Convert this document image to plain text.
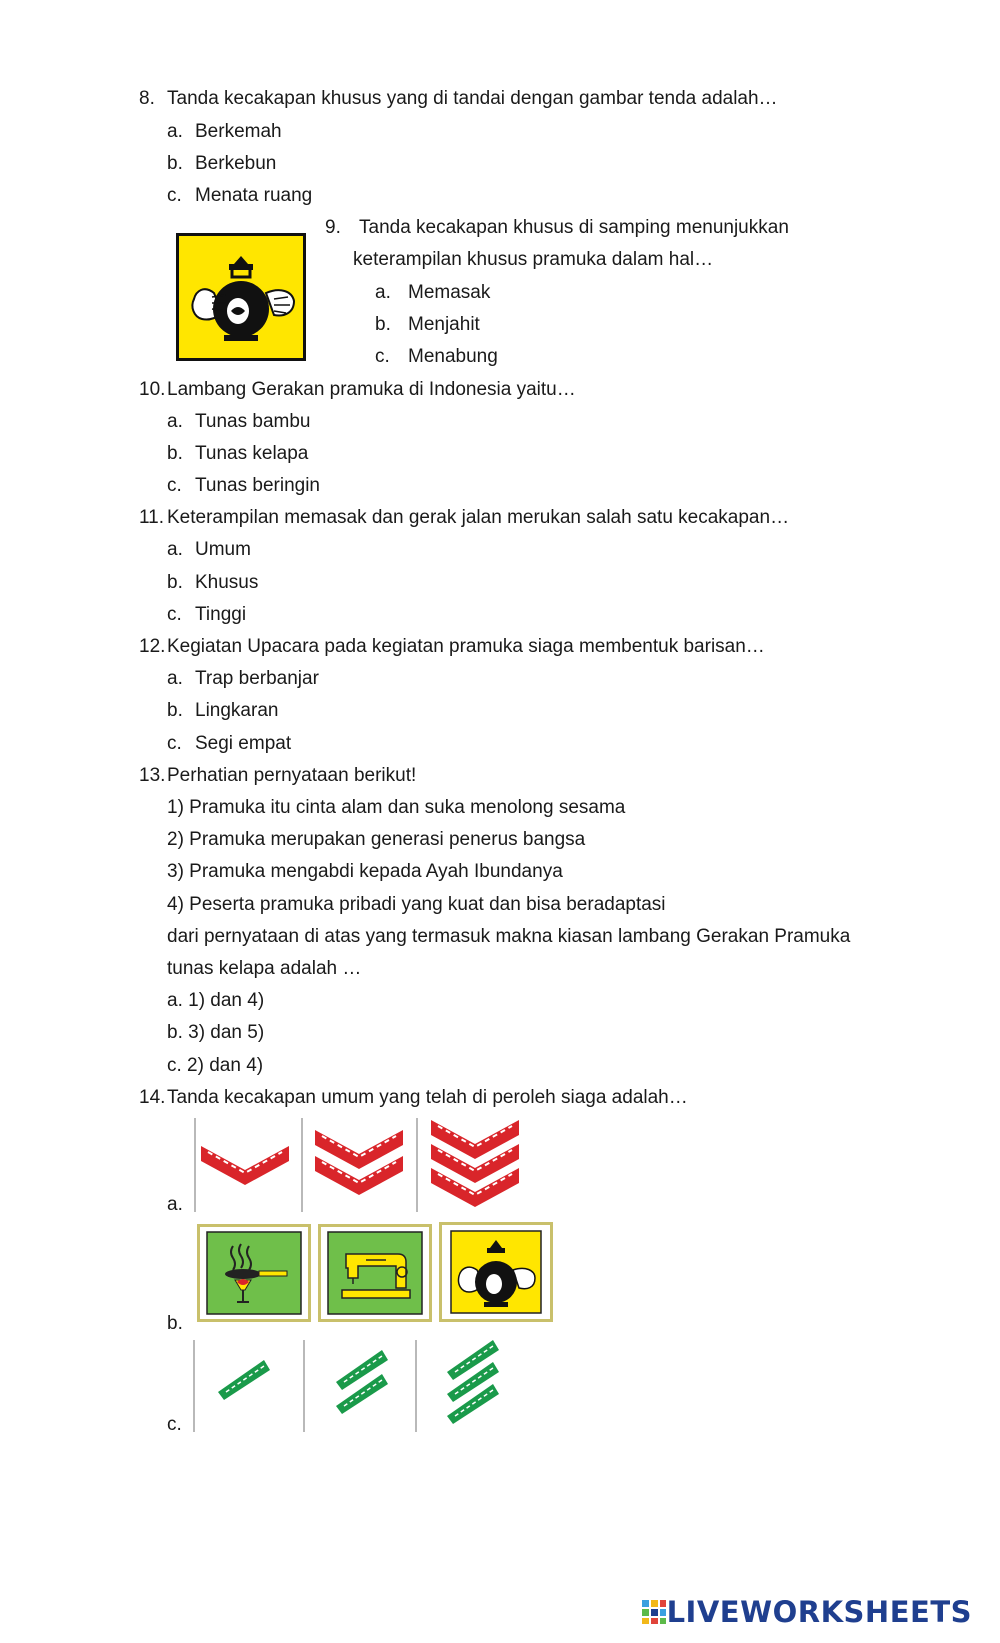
8. Tanda kecakapan khusus yang di tandai dengan gambar tenda adalah…
a. Berkemah
b. Berkebun
c. Menata ruang
9. Tanda kecakapan khusus di samping menunjukkan
keterampilan khusus pramuka dalam hal…
a. Memasak
b. Menjahit
c. Menabung
10. Lambang Gerakan pramuka di Indonesia yaitu…
a. Tunas bambu
b. Tunas kelapa
c. Tunas beringin
11. Keterampilan memasak dan gerak jalan merukan salah satu kecakapan…
a. Umum
b. Khusus
c. Tinggi
12. Kegiatan Upacara pada kegiatan pramuka siaga membentuk barisan…
a. Trap berbanjar
b. Lingkaran
c. Segi empat
13. Perhatian pernyataan berikut!
1) Pramuka itu cinta alam dan suka menolong sesama
2) Pramuka merupakan generasi penerus bangsa
3) Pramuka mengabdi kepada Ayah Ibundanya
4) Peserta pramuka pribadi yang kuat dan bisa beradaptasi
dari pernyataan di atas yang termasuk makna kiasan lambang Gerakan Pramuka
tunas kelapa adalah …
a. 1) dan 4)
b. 3) dan 5)
c. 2) dan 4)
14. Tanda kecakapan umum yang telah di peroleh siaga adalah…
a.
b.
c.
LIVEWORKSHEETS
